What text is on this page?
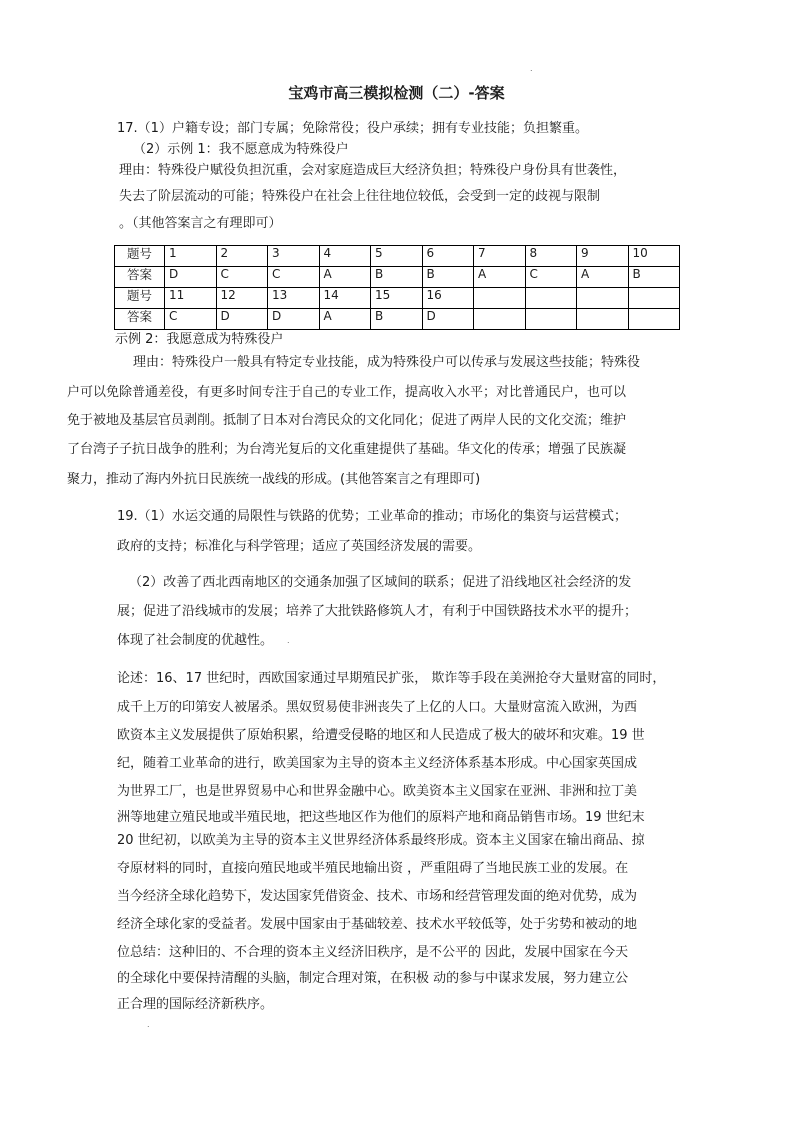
.
宝鸡市高三模拟检测（二）-答案
17.（1）户籍专设；部门专属；免除常役；役户承续；拥有专业技能；负担繁重。
（2）示例 1：我不愿意成为特殊役户
理由：特殊役户赋役负担沉重，会对家庭造成巨大经济负担；特殊役户身份具有世袭性，
失去了阶层流动的可能；特殊役户在社会上往往地位较低，会受到一定的歧视与限制
。（其他答案言之有理即可）
题号	1	2	3	4	5	6	7	8	9	10
答案	D	C	C	A	B	B	A	C	A	B
题号	11	12	13	14	15	16				
答案	C	D	D	A	B	D				
示例 2：我愿意成为特殊役户
理由：特殊役户一般具有特定专业技能，成为特殊役户可以传承与发展这些技能；特殊役
户可以免除普通差役，有更多时间专注于自己的专业工作，提高收入水平；对比普通民户，也可以
免于被地及基层官员剥削。抵制了日本对台湾民众的文化同化；促进了两岸人民的文化交流；维护
了台湾子子抗日战争的胜利；为台湾光复后的文化重建提供了基础。华文化的传承；增强了民族凝
聚力，推动了海内外抗日民族统一战线的形成。(其他答案言之有理即可)
19.（1）水运交通的局限性与铁路的优势；工业革命的推动；市场化的集资与运营模式；
政府的支持；标准化与科学管理；适应了英国经济发展的需要。
（2）改善了西北西南地区的交通条加强了区域间的联系；促进了沿线地区社会经济的发
展；促进了沿线城市的发展；培养了大批铁路修筑人才，有利于中国铁路技术水平的提升；
体现了社会制度的优越性。 .
论述：16、17 世纪时，西欧国家通过早期殖民扩张， 欺诈等手段在美洲抢夺大量财富的同时，
成千上万的印第安人被屠杀。黑奴贸易使非洲丧失了上亿的人口。大量财富流入欧洲，为西
欧资本主义发展提供了原始积累，给遭受侵略的地区和人民造成了极大的破坏和灾难。19 世
纪，随着工业革命的进行，欧美国家为主导的资本主义经济体系基本形成。中心国家英国成
为世界工厂，也是世界贸易中心和世界金融中心。欧美资本主义国家在亚洲、非洲和拉丁美
洲等地建立殖民地或半殖民地，把这些地区作为他们的原料产地和商品销售市场。19 世纪末
20 世纪初，以欧美为主导的资本主义世界经济体系最终形成。资本主义国家在输出商品、掠
夺原材料的同时，直接向殖民地或半殖民地输出资 ，严重阻碍了当地民族工业的发展。在
当今经济全球化趋势下，发达国家凭借资金、技术、市场和经营管理发面的绝对优势，成为
经济全球化家的受益者。发展中国家由于基础较差、技术水平较低等，处于劣势和被动的地
位总结：这种旧的、不合理的资本主义经济旧秩序，是不公平的 因此，发展中国家在今天
的全球化中要保持清醒的头脑，制定合理对策，在积极 动的参与中谋求发展，努力建立公
正合理的国际经济新秩序。
.
